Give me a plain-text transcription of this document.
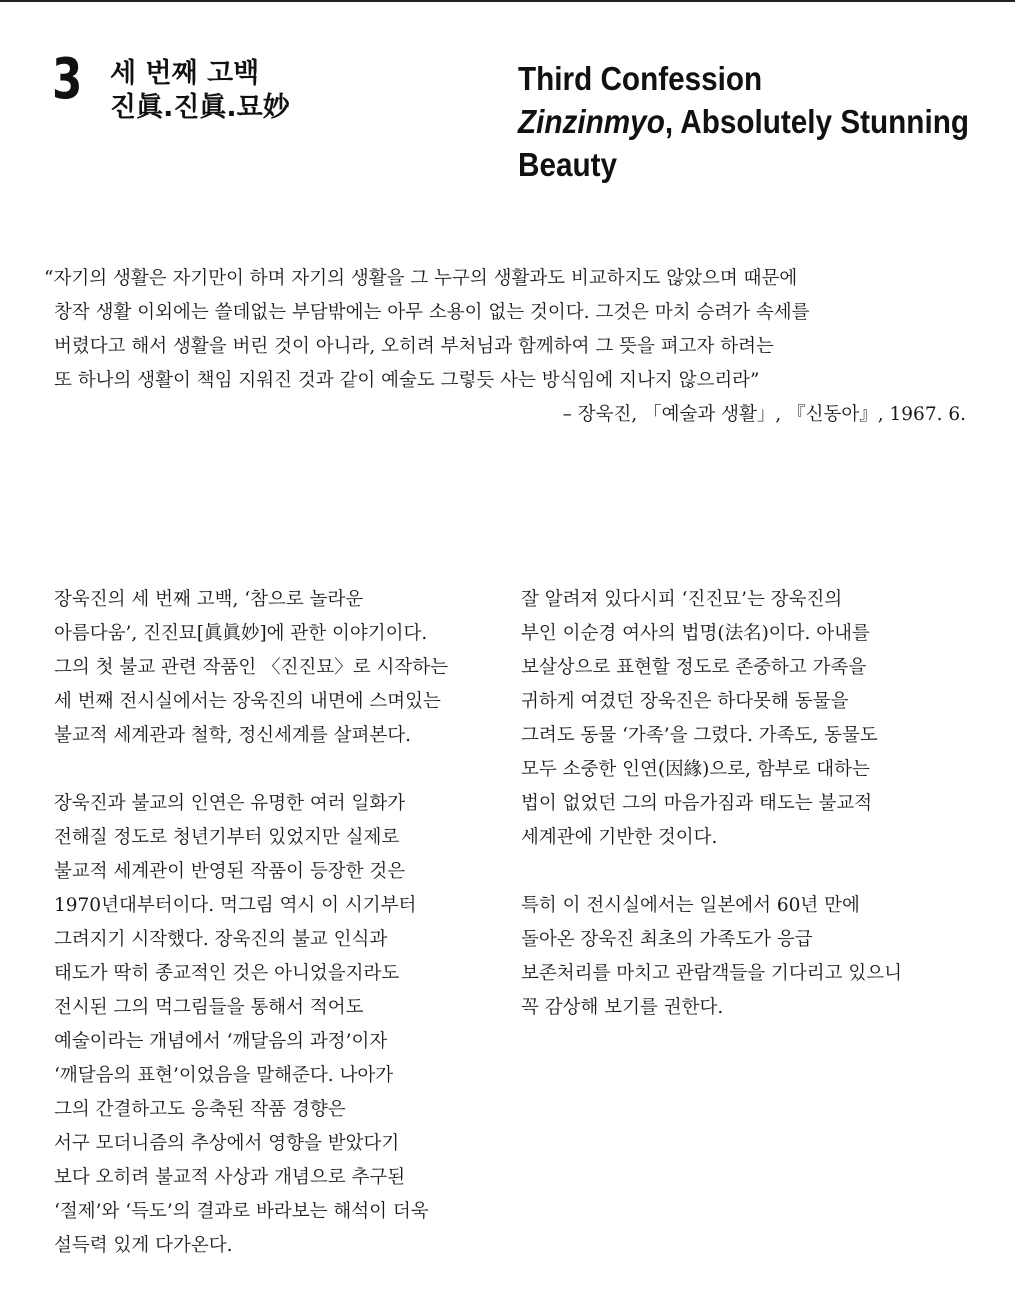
3 세 번째 고백
진眞.진眞.묘妙
Third Confession
Zinzinmyo, Absolutely Stunning
Beauty
“자기의 생활은 자기만이 하며 자기의 생활을 그 누구의 생활과도 비교하지도 않았으며 때문에
창작 생활 이외에는 쓸데없는 부담밖에는 아무 소용이 없는 것이다. 그것은 마치 승려가 속세를
버렸다고 해서 생활을 버린 것이 아니라, 오히려 부처님과 함께하여 그 뜻을 펴고자 하려는
또 하나의 생활이 책임 지워진 것과 같이 예술도 그렇듯 사는 방식임에 지나지 않으리라”
– 장욱진, 「예술과 생활」, 『신동아』, 1967. 6.
장욱진의 세 번째 고백, ‘참으로 놀라운
아름다움’, 진진묘[眞眞妙]에 관한 이야기이다.
그의 첫 불교 관련 작품인 〈진진묘〉로 시작하는
세 번째 전시실에서는 장욱진의 내면에 스며있는
불교적 세계관과 철학, 정신세계를 살펴본다.
장욱진과 불교의 인연은 유명한 여러 일화가
전해질 정도로 청년기부터 있었지만 실제로
불교적 세계관이 반영된 작품이 등장한 것은
1970년대부터이다. 먹그림 역시 이 시기부터
그려지기 시작했다. 장욱진의 불교 인식과
태도가 딱히 종교적인 것은 아니었을지라도
전시된 그의 먹그림들을 통해서 적어도
예술이라는 개념에서 ‘깨달음의 과정’이자
‘깨달음의 표현’이었음을 말해준다. 나아가
그의 간결하고도 응축된 작품 경향은
서구 모더니즘의 추상에서 영향을 받았다기
보다 오히려 불교적 사상과 개념으로 추구된
‘절제’와 ‘득도’의 결과로 바라보는 해석이 더욱
설득력 있게 다가온다.
잘 알려져 있다시피 ‘진진묘’는 장욱진의
부인 이순경 여사의 법명(法名)이다. 아내를
보살상으로 표현할 정도로 존중하고 가족을
귀하게 여겼던 장욱진은 하다못해 동물을
그려도 동물 ‘가족’을 그렸다. 가족도, 동물도
모두 소중한 인연(因緣)으로, 함부로 대하는
법이 없었던 그의 마음가짐과 태도는 불교적
세계관에 기반한 것이다.
특히 이 전시실에서는 일본에서 60년 만에
돌아온 장욱진 최초의 가족도가 응급
보존처리를 마치고 관람객들을 기다리고 있으니
꼭 감상해 보기를 권한다.
